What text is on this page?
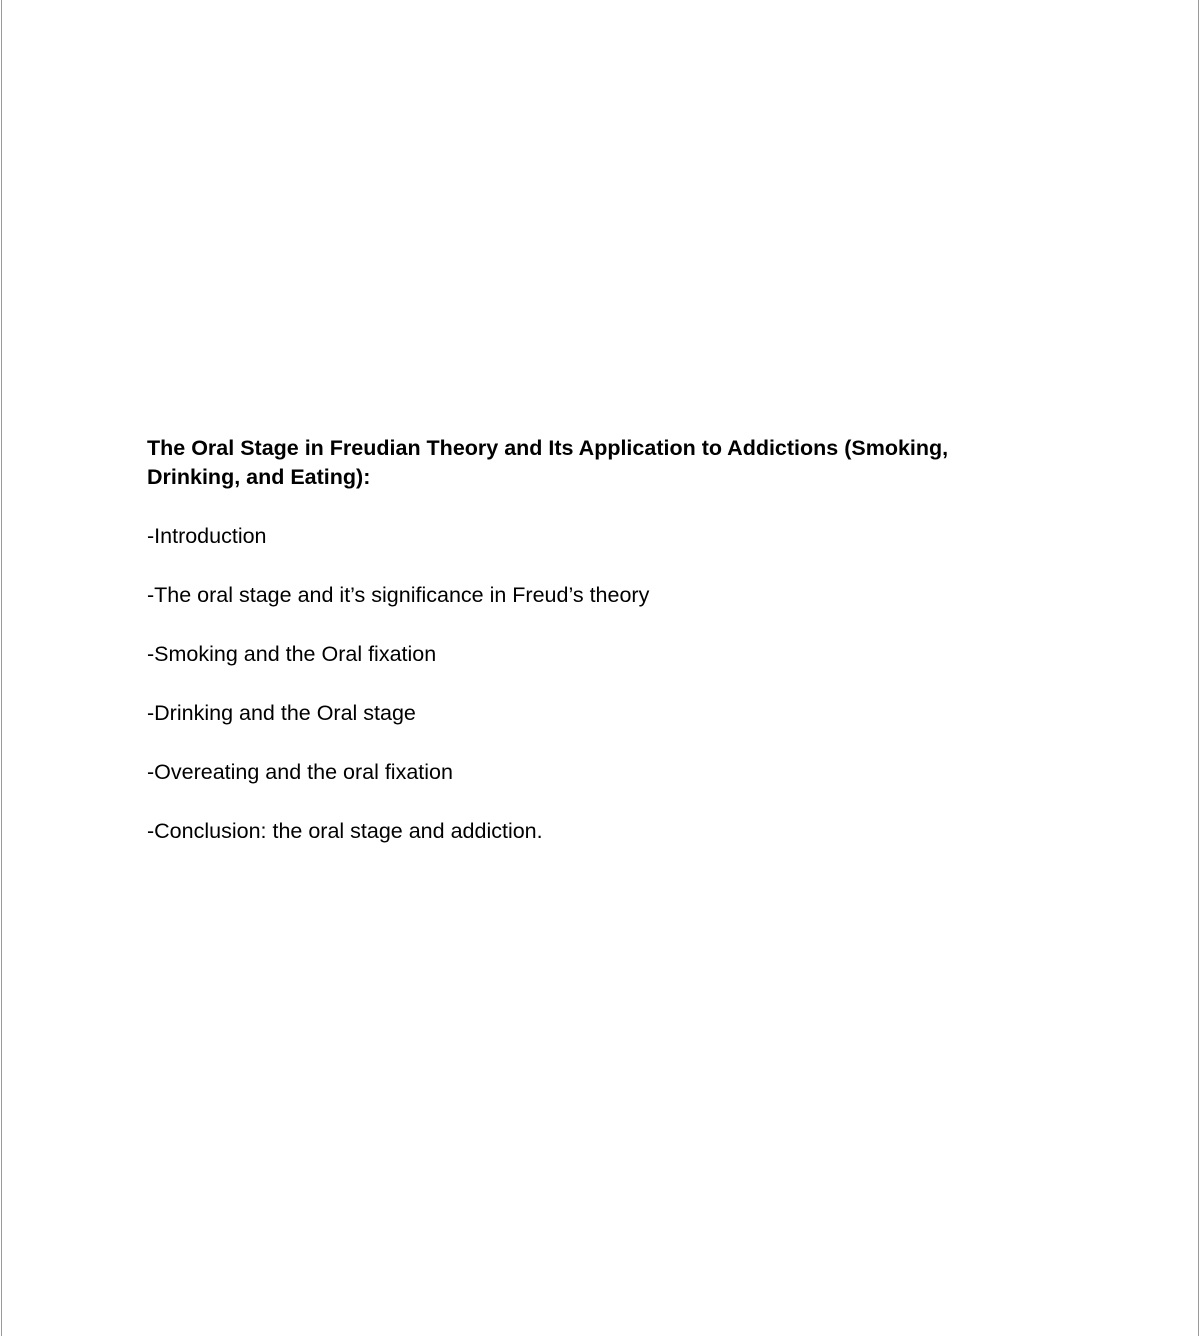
The Oral Stage in Freudian Theory and Its Application to Addictions (Smoking, Drinking, and Eating):
-Introduction
-The oral stage and it’s significance in Freud’s theory
-Smoking and the Oral fixation
-Drinking and the Oral stage
-Overeating and the oral fixation
-Conclusion: the oral stage and addiction.
